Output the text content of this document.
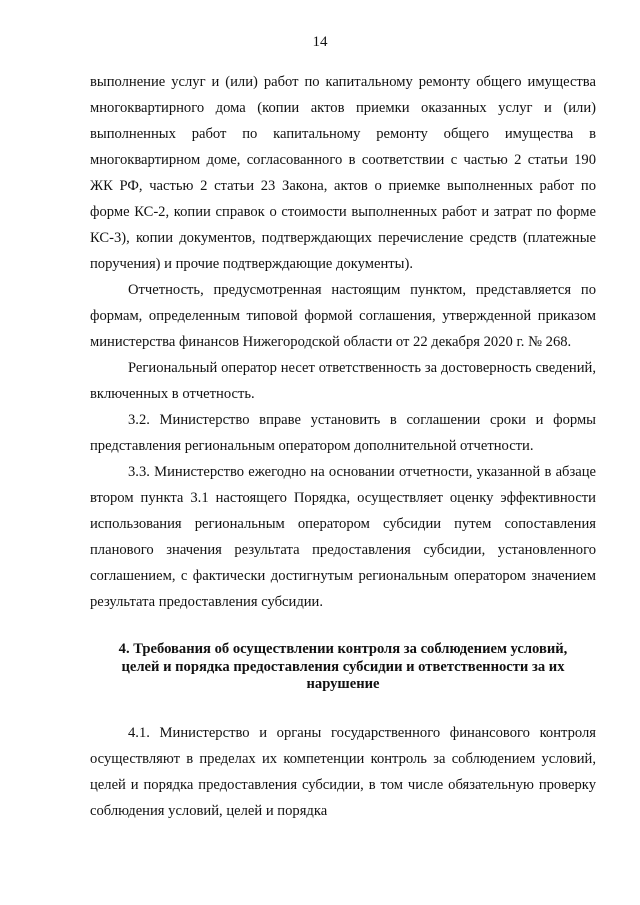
14

выполнение услуг и (или) работ по капитальному ремонту общего имущества многоквартирного дома (копии актов приемки оказанных услуг и (или) выполненных работ по капитальному ремонту общего имущества в многоквартирном доме, согласованного в соответствии с частью 2 статьи 190 ЖК РФ, частью 2 статьи 23 Закона, актов о приемке выполненных работ по форме КС-2, копии справок о стоимости выполненных работ и затрат по форме КС-3), копии документов, подтверждающих перечисление средств (платежные поручения) и прочие подтверждающие документы).

Отчетность, предусмотренная настоящим пунктом, представляется по формам, определенным типовой формой соглашения, утвержденной приказом министерства финансов Нижегородской области от 22 декабря 2020 г. № 268.

Региональный оператор несет ответственность за достоверность сведений, включенных в отчетность.

3.2. Министерство вправе установить в соглашении сроки и формы представления региональным оператором дополнительной отчетности.

3.3. Министерство ежегодно на основании отчетности, указанной в абзаце втором пункта 3.1 настоящего Порядка, осуществляет оценку эффективности использования региональным оператором субсидии путем сопоставления планового значения результата предоставления субсидии, установленного соглашением, с фактически достигнутым региональным оператором значением результата предоставления субсидии.

4. Требования об осуществлении контроля за соблюдением условий,
целей и порядка предоставления субсидии и ответственности за их
нарушение

4.1. Министерство и органы государственного финансового контроля осуществляют в пределах их компетенции контроль за соблюдением условий, целей и порядка предоставления субсидии, в том числе обязательную проверку соблюдения условий, целей и порядка
